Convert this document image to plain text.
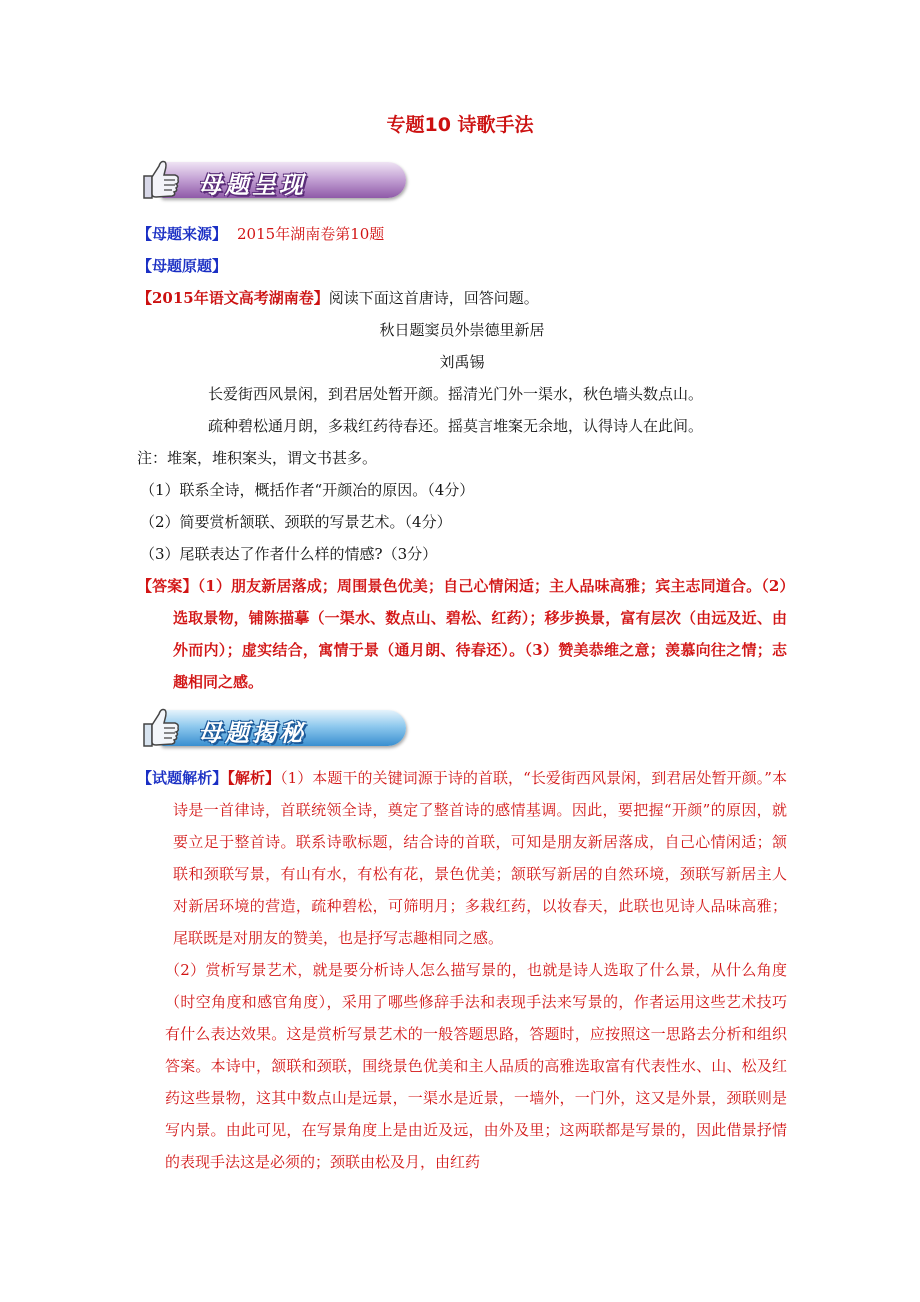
专题10 诗歌手法
母题呈现
【母题来源】 2015年湖南卷第10题
【母题原题】
【2015年语文高考湖南卷】阅读下面这首唐诗，回答问题。
秋日题窦员外崇德里新居
刘禹锡
长爱街西风景闲，到君居处暂开颜。摇清光门外一渠水，秋色墙头数点山。
疏种碧松通月朗，多栽红药待春还。摇莫言堆案无余地，认得诗人在此间。
注：堆案，堆积案头，谓文书甚多。
（1）联系全诗，概括作者“开颜冶的原因。（4分）
（2）简要赏析颔联、颈联的写景艺术。（4分）
（3）尾联表达了作者什么样的情感?（3分）
【答案】（1）朋友新居落成；周围景色优美；自己心情闲适；主人品味高雅；宾主志同道合。（2）选取景物，铺陈描摹（一渠水、数点山、碧松、红药）；移步换景，富有层次（由远及近、由外而内）；虚实结合，寓情于景（通月朗、待春还）。（3）赞美恭维之意；羡慕向往之情；志趣相同之感。
母题揭秘
【试题解析】【解析】（1）本题干的关键词源于诗的首联，“长爱街西风景闲，到君居处暂开颜。”本诗是一首律诗，首联统领全诗，奠定了整首诗的感情基调。因此，要把握“开颜”的原因，就要立足于整首诗。联系诗歌标题，结合诗的首联，可知是朋友新居落成，自己心情闲适；颔联和颈联写景，有山有水，有松有花，景色优美；颔联写新居的自然环境，颈联写新居主人对新居环境的营造，疏种碧松，可筛明月；多栽红药，以妆春天，此联也见诗人品味高雅；尾联既是对朋友的赞美，也是抒写志趣相同之感。
（2）赏析写景艺术，就是要分析诗人怎么描写景的，也就是诗人选取了什么景，从什么角度（时空角度和感官角度），采用了哪些修辞手法和表现手法来写景的，作者运用这些艺术技巧有什么表达效果。这是赏析写景艺术的一般答题思路，答题时，应按照这一思路去分析和组织答案。本诗中，颔联和颈联，围绕景色优美和主人品质的高雅选取富有代表性水、山、松及红药这些景物，这其中数点山是远景，一渠水是近景，一墙外，一门外，这又是外景，颈联则是写内景。由此可见，在写景角度上是由近及远，由外及里；这两联都是写景的，因此借景抒情的表现手法这是必须的；颈联由松及月，由红药
